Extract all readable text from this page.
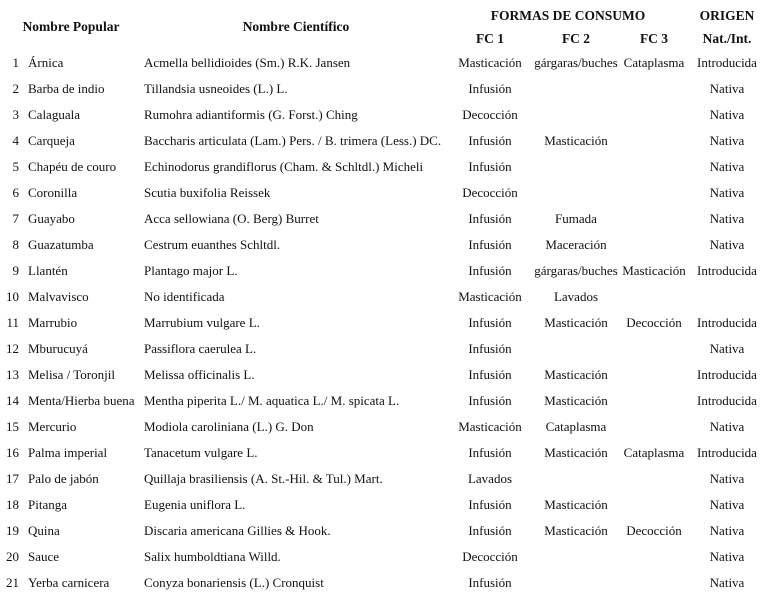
Nombre Popular		Nombre Científico	FORMAS DE CONSUMO			ORIGEN
			FC 1	FC 2	FC 3	Nat./Int.
1	Árnica	Acmella bellidioides (Sm.) R.K. Jansen	Masticación	gárgaras/buches	Cataplasma	Introducida
2	Barba de indio	Tillandsia usneoides (L.) L.	Infusión			Nativa
3	Calaguala	Rumohra adiantiformis (G. Forst.) Ching	Decocción			Nativa
4	Carqueja	Baccharis articulata (Lam.) Pers. / B. trimera (Less.) DC.	Infusión	Masticación		Nativa
5	Chapéu de couro	Echinodorus grandiflorus (Cham. & Schltdl.) Micheli	Infusión			Nativa
6	Coronilla	Scutia buxifolia Reissek	Decocción			Nativa
7	Guayabo	Acca sellowiana (O. Berg) Burret	Infusión	Fumada		Nativa
8	Guazatumba	Cestrum euanthes Schltdl.	Infusión	Maceración		Nativa
9	Llantén	Plantago major L.	Infusión	gárgaras/buches	Masticación	Introducida
10	Malvavisco	No identificada	Masticación	Lavados		
11	Marrubio	Marrubium vulgare L.	Infusión	Masticación	Decocción	Introducida
12	Mburucuyá	Passiflora caerulea L.	Infusión			Nativa
13	Melisa / Toronjil	Melissa officinalis L.	Infusión	Masticación		Introducida
14	Menta/Hierba buena	Mentha piperita L./ M. aquatica L./ M. spicata L.	Infusión	Masticación		Introducida
15	Mercurio	Modiola caroliniana (L.) G. Don	Masticación	Cataplasma		Nativa
16	Palma imperial	Tanacetum vulgare L.	Infusión	Masticación	Cataplasma	Introducida
17	Palo de jabón	Quillaja brasiliensis (A. St.-Hil. & Tul.) Mart.	Lavados			Nativa
18	Pitanga	Eugenia uniflora L.	Infusión	Masticación		Nativa
19	Quina	Discaria americana Gillies & Hook.	Infusión	Masticación	Decocción	Nativa
20	Sauce	Salix humboldtiana Willd.	Decocción			Nativa
21	Yerba carnicera	Conyza bonariensis (L.) Cronquist	Infusión			Nativa
